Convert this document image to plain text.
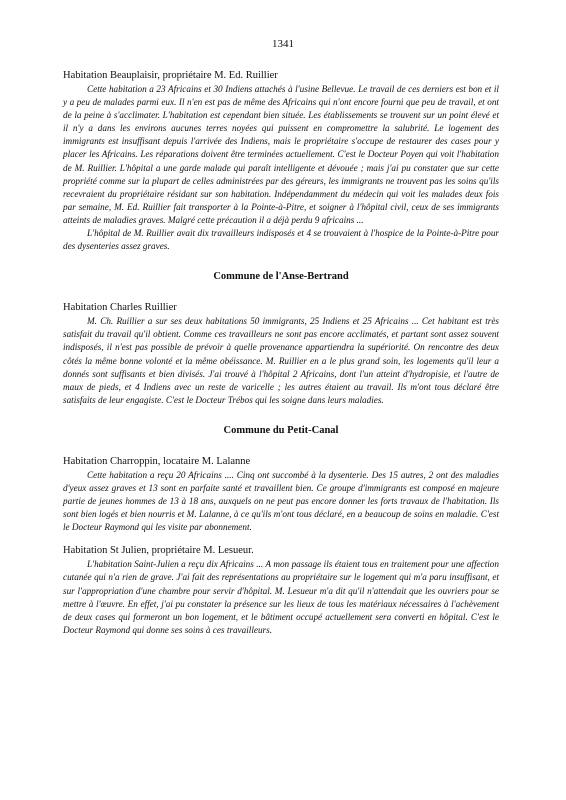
1341

Habitation Beauplaisir, propriétaire M. Ed. Ruillier

Cette habitation a 23 Africains et 30 Indiens attachés à l'usine Bellevue. Le travail de ces derniers est bon et il y a peu de malades parmi eux. Il n'en est pas de même des Africains qui n'ont encore fourni que peu de travail, et ont de la peine à s'acclimater. L'habitation est cependant bien située. Les établissements se trouvent sur un point élevé et il n'y a dans les environs aucunes terres noyées qui puissent en compromettre la salubrité. Le logement des immigrants est insuffisant depuis l'arrivée des Indiens, mais le propriétaire s'occupe de restaurer des cases pour y placer les Africains. Les réparations doivent être terminées actuellement. C'est le Docteur Poyen qui voit l'habitation de M. Ruillier. L'hôpital a une garde malade qui paraît intelligente et dévouée ; mais j'ai pu constater que sur cette propriété comme sur la plupart de celles administrées par des géreurs, les immigrants ne trouvent pas les soins qu'ils recevraient du propriétaire résidant sur son habitation. Indépendamment du médecin qui voit les malades deux fois par semaine, M. Ed. Ruillier fait transporter à la Pointe-à-Pitre, et soigner à l'hôpital civil, ceux de ses immigrants atteints de maladies graves. Malgré cette précaution il a déjà perdu 9 africains ...

L'hôpital de M. Ruillier avait dix travailleurs indisposés et 4 se trouvaient à l'hospice de la Pointe-à-Pitre pour des dysenteries assez graves.

Commune de l'Anse-Bertrand

Habitation Charles Ruillier

M. Ch. Ruillier a sur ses deux habitations 50 immigrants, 25 Indiens et 25 Africains ... Cet habitant est très satisfait du travail qu'il obtient. Comme ces travailleurs ne sont pas encore acclimatés, et partant sont assez souvent indisposés, il n'est pas possible de prévoir à quelle provenance appartiendra la supériorité. On rencontre des deux côtés la même bonne volonté et la même obéissance. M. Ruillier en a le plus grand soin, les logements qu'il leur a donnés sont suffisants et bien divisés. J'ai trouvé à l'hôpital 2 Africains, dont l'un atteint d'hydropisie, et l'autre de maux de pieds, et 4 Indiens avec un reste de varicelle ; les autres étaient au travail. Ils m'ont tous déclaré être satisfaits de leur engagiste. C'est le Docteur Trébos qui les soigne dans leurs maladies.

Commune du Petit-Canal

Habitation Charroppin, locataire M. Lalanne

Cette habitation a reçu 20 Africains .... Cinq ont succombé à la dysenterie. Des 15 autres, 2 ont des maladies d'yeux assez graves et 13 sont en parfaite santé et travaillent bien. Ce groupe d'immigrants est composé en majeure partie de jeunes hommes de 13 à 18 ans, auxquels on ne peut pas encore donner les forts travaux de l'habitation. Ils sont bien logés et bien nourris et M. Lalanne, à ce qu'ils m'ont tous déclaré, en a beaucoup de soins en maladie. C'est le Docteur Raymond qui les visite par abonnement.

Habitation St Julien, propriétaire M. Lesueur.

L'habitation Saint-Julien a reçu dix Africains ... A mon passage ils étaient tous en traitement pour une affection cutanée qui n'a rien de grave. J'ai fait des représentations au propriétaire sur le logement qui m'a paru insuffisant, et sur l'appropriation d'une chambre pour servir d'hôpital. M. Lesueur m'a dit qu'il n'attendait que les ouvriers pour se mettre à l'œuvre. En effet, j'ai pu constater la présence sur les lieux de tous les matériaux nécessaires à l'achèvement de deux cases qui formeront un bon logement, et le bâtiment occupé actuellement sera converti en hôpital. C'est le Docteur Raymond qui donne ses soins à ces travailleurs.
